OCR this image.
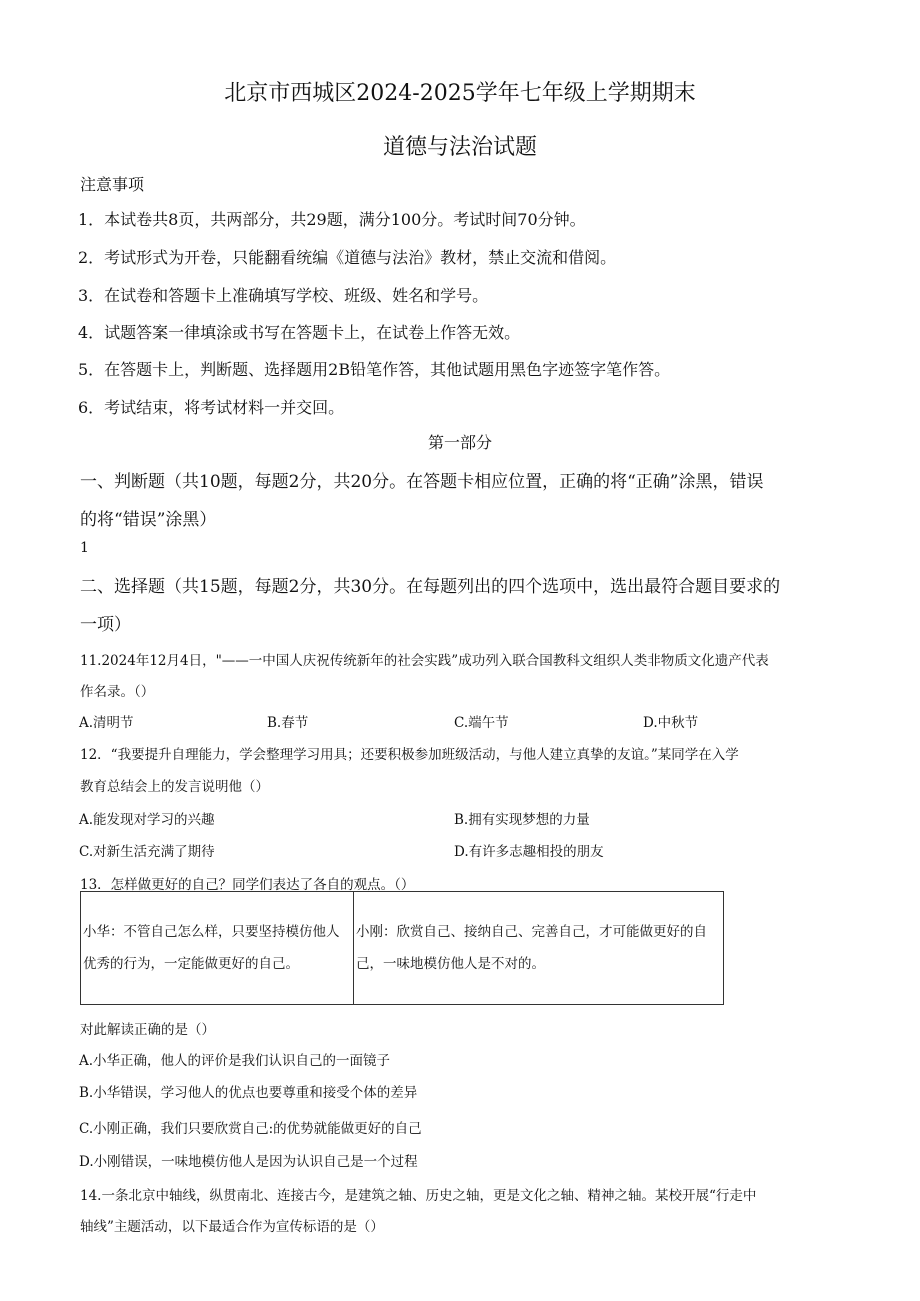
北京市西城区2024-2025学年七年级上学期期末
道德与法治试题
注意事项
1．本试卷共8页，共两部分，共29题，满分100分。考试时间70分钟。
2．考试形式为开卷，只能翻看统编《道德与法治》教材，禁止交流和借阅。
3．在试卷和答题卡上准确填写学校、班级、姓名和学号。
4．试题答案一律填涂或书写在答题卡上，在试卷上作答无效。
5．在答题卡上，判断题、选择题用2B铅笔作答，其他试题用黑色字迹签字笔作答。
6．考试结束，将考试材料一并交回。
第一部分
一、判断题（共10题，每题2分，共20分。在答题卡相应位置，正确的将“正确”涂黑，错误
的将“错误”涂黑）
1
二、选择题（共15题，每题2分，共30分。在每题列出的四个选项中，选出最符合题目要求的
一项）
11.2024年12月4日，"——一中国人庆祝传统新年的社会实践”成功列入联合国教科文组织人类非物质文化遗产代表
作名录。（）
A.清明节	B.春节	C.端午节	D.中秋节
12．“我要提升自理能力，学会整理学习用具；还要积极参加班级活动，与他人建立真挚的友谊。”某同学在入学
教育总结会上的发言说明他（）
A.能发现对学习的兴趣	B.拥有实现梦想的力量
C.对新生活充满了期待	D.有许多志趣相投的朋友
13．怎样做更好的自己？同学们表达了各自的观点。（）
小华：不管自己怎么样，只要坚持模仿他人优秀的行为，一定能做更好的自己。	小刚：欣赏自己、接纳自己、完善自己，才可能做更好的自己，一味地模仿他人是不对的。
对此解读正确的是（）
A.小华正确，他人的评价是我们认识自己的一面镜子
B.小华错误，学习他人的优点也要尊重和接受个体的差异
C.小刚正确，我们只要欣赏自己:的优势就能做更好的自己
D.小刚错误，一味地模仿他人是因为认识自己是一个过程
14.一条北京中轴线，纵贯南北、连接古今，是建筑之轴、历史之轴，更是文化之轴、精神之轴。某校开展“行走中
轴线”主题活动，以下最适合作为宣传标语的是（）
